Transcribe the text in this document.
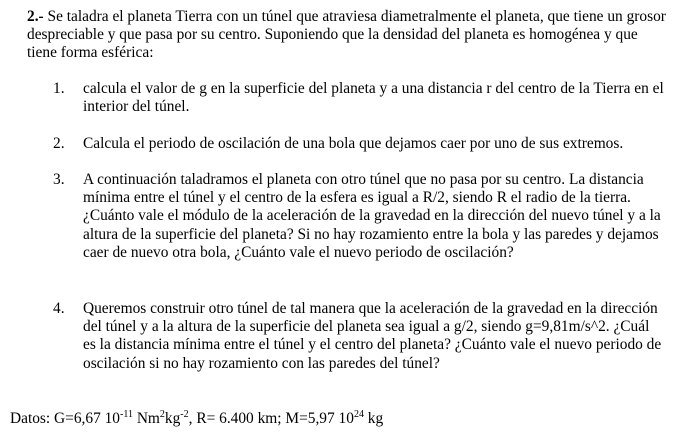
2.- Se taladra el planeta Tierra con un túnel que atraviesa diametralmente el planeta, que tiene un grosor despreciable y que pasa por su centro. Suponiendo que la densidad del planeta es homogénea y que tiene forma esférica:

1.	calcula el valor de g en la superficie del planeta y a una distancia r del centro de la Tierra en el interior del túnel.
2.	Calcula el periodo de oscilación de una bola que dejamos caer por uno de sus extremos.
3.	A continuación taladramos el planeta con otro túnel que no pasa por su centro. La distancia mínima entre el túnel y el centro de la esfera es igual a R/2, siendo R el radio de la tierra. ¿Cuánto vale el módulo de la aceleración de la gravedad en la dirección del nuevo túnel y a la altura de la superficie del planeta? Si no hay rozamiento entre la bola y las paredes y dejamos caer de nuevo otra bola, ¿Cuánto vale el nuevo periodo de oscilación?
4.	Queremos construir otro túnel de tal manera que la aceleración de la gravedad en la dirección del túnel y a la altura de la superficie del planeta sea igual a g/2, siendo g=9,81m/s^2. ¿Cuál es la distancia mínima entre el túnel y el centro del planeta? ¿Cuánto vale el nuevo periodo de oscilación si no hay rozamiento con las paredes del túnel?
Datos: G=6,67 $10^{-11}$ $Nm^2kg^{-2}$, R= 6.400 km; M=5,97 $10^{24}$ kg
